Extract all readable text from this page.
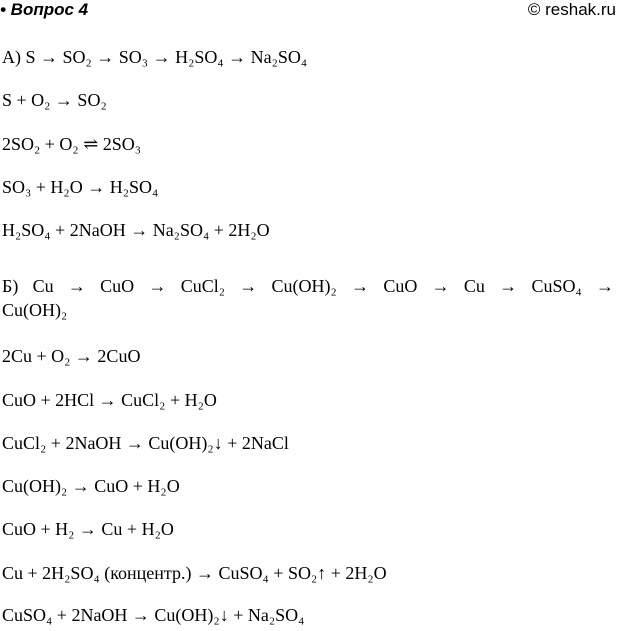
• Вопрос 4	© reshak.ru
А) S → SO₂ → SO₃ → H₂SO₄ → Na₂SO₄
S + O₂ → SO₂
2SO₂ + O₂ ⇌ 2SO₃
SO₃ + H₂O → H₂SO₄
H₂SO₄ + 2NaOH → Na₂SO₄ + 2H₂O
Б) Cu → CuO → CuCl₂ → Cu(OH)₂ → CuO → Cu → CuSO₄ →
Cu(OH)₂
2Cu + O₂ → 2CuO
CuO + 2HCl → CuCl₂ + H₂O
CuCl₂ + 2NaOH → Cu(OH)₂↓ + 2NaCl
Cu(OH)₂ → CuO + H₂O
CuO + H₂ → Cu + H₂O
Cu + 2H₂SO₄ (концентр.) → CuSO₄ + SO₂↑ + 2H₂O
CuSO₄ + 2NaOH → Cu(OH)₂↓ + Na₂SO₄
